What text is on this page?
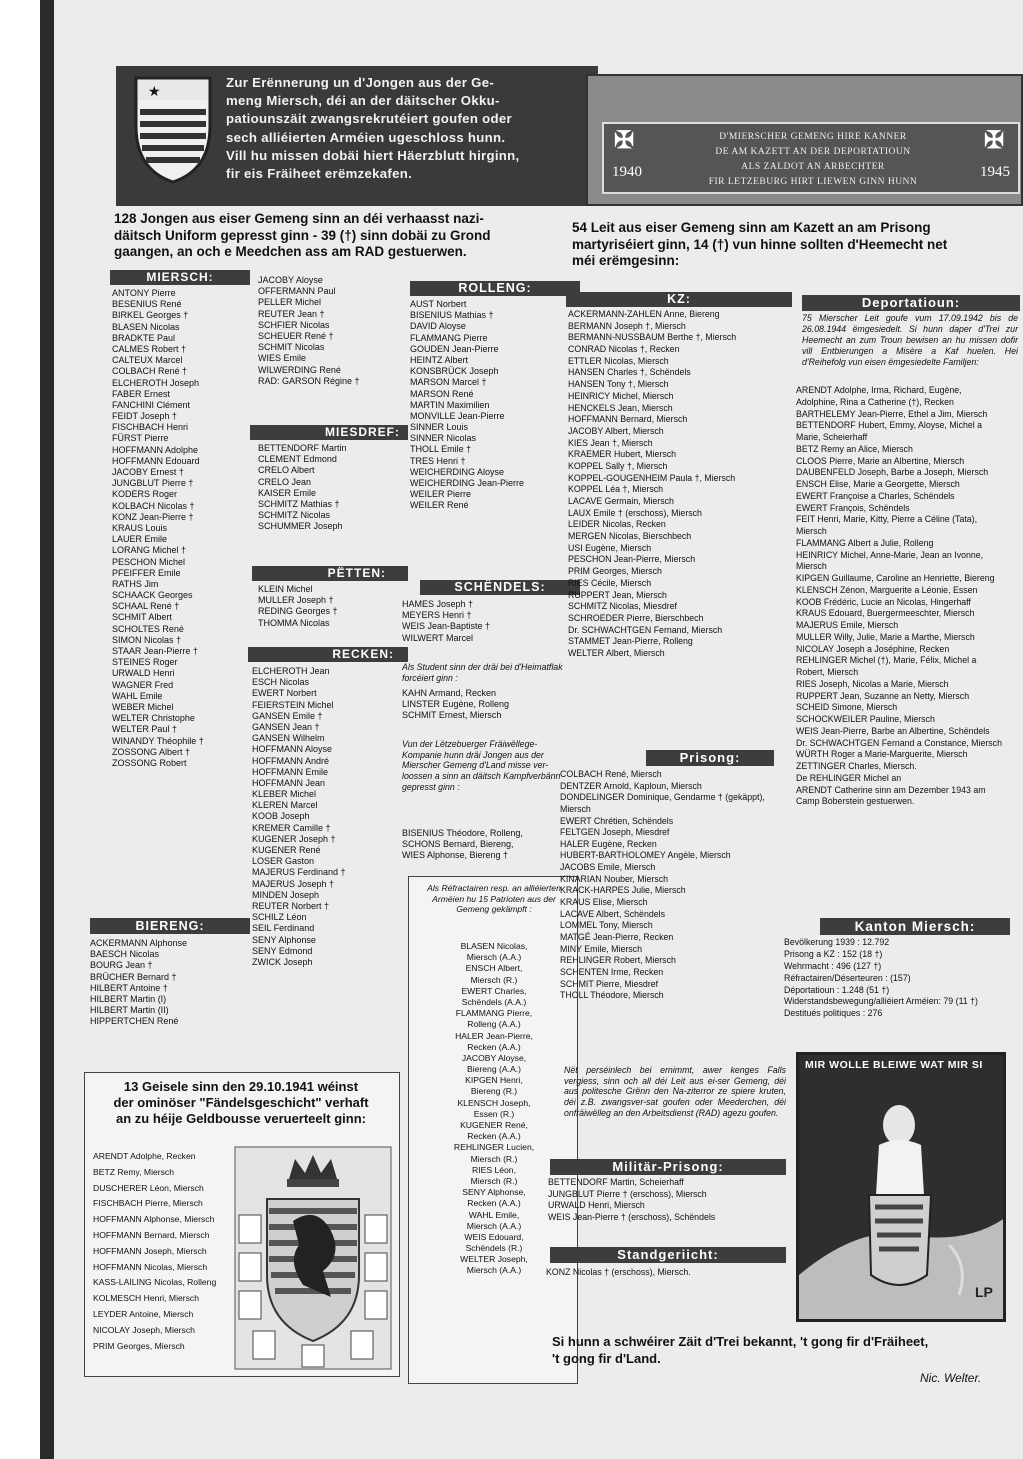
★
Zur Erënnerung un d'Jongen aus der Ge-
meng Miersch, déi an der däitscher Okku-
patiounszäit zwangsrekrutéiert goufen oder
sech alliéierten Arméien ugeschloss hunn.
Vill hu missen dobäi hiert Häerzblutt hirginn,
fir eis Fräiheet erëmzekafen.
✠	✠
1940	1945
D'MIERSCHER GEMENG HIRE KANNER
DE AM KAZETT AN DER DEPORTATIOUN
ALS ZALDOT AN ARBECHTER
FIR LETZEBURG HIRT LIEWEN GINN HUNN
128 Jongen aus eiser Gemeng sinn an déi verhaasst nazi-
däitsch Uniform gepresst ginn - 39 (†) sinn dobäi zu Grond
gaangen, an och e Meedchen ass am RAD gestuerwen.
54 Leit aus eiser Gemeng sinn am Kazett an am Prisong
martyriséiert ginn, 14 (†) vun hinne sollten d'Heemecht net
méi erëmgesinn:
MIERSCH:
ANTONY Pierre
BESENIUS René
BIRKEL Georges †
BLASEN Nicolas
BRADKTE Paul
CALMES Robert †
CALTEUX Marcel
COLBACH René †
ELCHEROTH Joseph
FABER Ernest
FANCHINI Clément
FEIDT Joseph †
FISCHBACH Henri
FÜRST Pierre
HOFFMANN Adolphe
HOFFMANN Edouard
JACOBY Ernest †
JUNGBLUT Pierre †
KODERS Roger
KOLBACH Nicolas †
KONZ Jean-Pierre †
KRAUS Louis
LAUER Emile
LORANG Michel †
PESCHON Michel
PFEIFFER Emile
RATHS Jim
SCHAACK Georges
SCHAAL René †
SCHMIT Albert
SCHOLTES René
SIMON Nicolas †
STAAR Jean-Pierre †
STEINES Roger
URWALD Henri
WAGNER Fred
WAHL Emile
WEBER Michel
WELTER Christophe
WELTER Paul †
WINANDY Théophile †
ZOSSONG Albert †
ZOSSONG Robert
JACOBY Aloyse
OFFERMANN Paul
PELLER Michel
REUTER Jean †
SCHFIER Nicolas
SCHEUER René †
SCHMIT Nicolas
WIES Emile
WILWERDING René
RAD: GARSON Régine †
MIESDREF:
BETTENDORF Martin
CLEMENT Edmond
CRELO Albert
CRELO Jean
KAISER Emile
SCHMITZ Mathias †
SCHMITZ Nicolas
SCHUMMER Joseph
PËTTEN:
KLEIN Michel
MULLER Joseph †
REDING Georges †
THOMMA Nicolas
RECKEN:
ELCHEROTH Jean
ESCH Nicolas
EWERT Norbert
FEIERSTEIN Michel
GANSEN Emile †
GANSEN Jean †
GANSEN Wilhelm
HOFFMANN Aloyse
HOFFMANN André
HOFFMANN Emile
HOFFMANN Jean
KLEBER Michel
KLEREN Marcel
KOOB Joseph
KREMER Camille †
KUGENER Joseph †
KUGENER René
LOSER Gaston
MAJERUS Ferdinand †
MAJERUS Joseph †
MINDEN Joseph
REUTER Norbert †
SCHILZ Léon
SEIL Ferdinand
SENY Alphonse
SENY Edmond
ZWICK Joseph
BIERENG:
ACKERMANN Alphonse
BAESCH Nicolas
BOURG Jean †
BRÜCHER Bernard †
HILBERT Antoine †
HILBERT Martin (I)
HILBERT Martin (II)
HIPPERTCHEN René
ROLLENG:
AUST Norbert
BISENIUS Mathias †
DAVID Aloyse
FLAMMANG Pierre
GOUDEN Jean-Pierre
HEINTZ Albert
KONSBRÜCK Joseph
MARSON Marcel †
MARSON René
MARTIN Maximilien
MONVILLE Jean-Pierre
SINNER Louis
SINNER Nicolas
THOLL Emile †
TRES Henri †
WEICHERDING Aloyse
WEICHERDING Jean-Pierre
WEILER Pierre
WEILER René
SCHËNDELS:
HAMES Joseph †
MEYERS Henri †
WEIS Jean-Baptiste †
WILWERT Marcel
Als Student sinn der dräi bei d'Heimatflak forcéiert ginn :
KAHN Armand, Recken
LINSTER Eugène, Rolleng
SCHMIT Ernest, Miersch
Vun der Lëtzebuerger Fräiwëllege-Kompanie hunn dräi Jongen aus der Mierscher Gemeng d'Land misse ver-loossen a sinn an däitsch Kampfverbänn gepresst ginn :
BISENIUS Théodore, Rolleng,
SCHONS Bernard, Biereng,
WIES Alphonse, Biereng †
Als Réfractairen resp. an alliéierten Arméien hu 15 Patrioten aus der Gemeng gekämpft :
BLASEN Nicolas,
Miersch (A.A.)
ENSCH Albert,
Miersch (R.)
EWERT Charles,
Schëndels (A.A.)
FLAMMANG Pierre,
Rolleng (A.A.)
HALER Jean-Pierre,
Recken (A.A.)
JACOBY Aloyse,
Biereng (A.A.)
KIPGEN Henri,
Biereng (R.)
KLENSCH Joseph,
Essen (R.)
KUGENER René,
Recken (A.A.)
REHLINGER Lucien,
Miersch (R.)
RIES Léon,
Miersch (R.)
SENY Alphonse,
Recken (A.A.)
WAHL Emile,
Miersch (A.A.)
WEIS Edouard,
Schëndels (R.)
WELTER Joseph,
Miersch (A.A.)
13 Geisele sinn den 29.10.1941 wéinst
der ominöser "Fändelsgeschicht" verhaft
an zu héije Geldbousse veruerteelt ginn:
ARENDT Adolphe, Recken
BETZ Remy, Miersch
DUSCHERER Léon, Miersch
FISCHBACH Pierre, Miersch
HOFFMANN Alphonse, Miersch
HOFFMANN Bernard, Miersch
HOFFMANN Joseph, Miersch
HOFFMANN Nicolas, Miersch
KASS-LAILING Nicolas, Rolleng
KOLMESCH Henri, Miersch
LEYDER Antoine, Miersch
NICOLAY Joseph, Miersch
PRIM Georges, Miersch
KZ:
ACKERMANN-ZAHLEN Anne, Biereng
BERMANN Joseph †, Miersch
BERMANN-NUSSBAUM Berthe †, Miersch
CONRAD Nicolas †, Recken
ETTLER Nicolas, Miersch
HANSEN Charles †, Schëndels
HANSEN Tony †, Miersch
HEINRICY Michel, Miersch
HENCKELS Jean, Miersch
HOFFMANN Bernard, Miersch
JACOBY Albert, Miersch
KIES Jean †, Miersch
KRAEMER Hubert, Miersch
KOPPEL Sally †, Miersch
KOPPEL-GOUGENHEIM Paula †, Miersch
KOPPEL Léa †, Miersch
LACAVE Germain, Miersch
LAUX Emile † (erschoss), Miersch
LEIDER Nicolas, Recken
MERGEN Nicolas, Bierschbech
USI Eugène, Miersch
PESCHON Jean-Pierre, Miersch
PRIM Georges, Miersch
RIES Cécile, Miersch
RUPPERT Jean, Miersch
SCHMITZ Nicolas, Miesdref
SCHROEDER Pierre, Bierschbech
Dr. SCHWACHTGEN Fernand, Miersch
STAMMET Jean-Pierre, Rolleng
WELTER Albert, Miersch
Prisong:
COLBACH René, Miersch
DENTZER Arnold, Kaploun, Miersch
DONDELINGER Dominique, Gendarme † (gekäppt),
Miersch
EWERT Chrétien, Schëndels
FELTGEN Joseph, Miesdref
HALER Eugène, Recken
HUBERT-BARTHOLOMEY Angèle, Miersch
JACOBS Emile, Miersch
KINARIAN Nouber, Miersch
KRACK-HARPES Julie, Miersch
KRAUS Elise, Miersch
LACAVE Albert, Schëndels
LOMMEL Tony, Miersch
MATGÉ Jean-Pierre, Recken
MINY Emile, Miersch
REHLINGER Robert, Miersch
SCHENTEN Irme, Recken
SCHMIT Pierre, Miesdref
THOLL Théodore, Miersch
Nët perséinlech bei ernimmt, awer kenges Falls vergiess, sinn och all déi Leit aus ei-ser Gemeng, déi aus politesche Grënn den Na-ziterror ze spiere kruten, déi z.B. zwangsver-sat goufen oder Meederchen, déi onfräiwëlleg an den Arbeitsdienst (RAD) agezu goufen.
Militär-Prisong:
BETTENDORF Martin, Scheierhaff
JUNGBLUT Pierre † (erschoss), Miersch
URWALD Henri, Miersch
WEIS Jean-Pierre † (erschoss), Schëndels
Standgeriicht:
KONZ Nicolas † (erschoss), Miersch.
Deportatioun:
75 Mierscher Leit goufe vum 17.09.1942 bis de 26.08.1944 ëmgesiedelt. Si hunn daper d'Trei zur Heemecht an zum Troun bewisen an hu missen dofir vill Entbierungen a Misère a Kaf huelen. Hei d'Reihefolg vun eisen ëmgesiedelte Familjen:
ARENDT Adolphe, Irma, Richard, Eugène,
Adolphine, Rina a Catherine (†), Recken
BARTHELEMY Jean-Pierre, Ethel a Jim, Miersch
BETTENDORF Hubert, Emmy, Aloyse, Michel a
Marie, Scheierhaff
BETZ Remy an Alice, Miersch
CLOOS Pierre, Marie an Albertine, Miersch
DAUBENFELD Joseph, Barbe a Joseph, Miersch
ENSCH Elise, Marie a Georgette, Miersch
EWERT Françoise a Charles, Schëndels
EWERT François, Schëndels
FEIT Henri, Marie, Kitty, Pierre a Céline (Tata),
Miersch
FLAMMANG Albert a Julie, Rolleng
HEINRICY Michel, Anne-Marie, Jean an Ivonne,
Miersch
KIPGEN Guillaume, Caroline an Henriette, Biereng
KLENSCH Zénon, Marguerite a Léonie, Essen
KOOB Frédéric, Lucie an Nicolas, Hingerhaff
KRAUS Edouard, Buergermeeschter, Miersch
MAJERUS Emile, Miersch
MULLER Willy, Julie, Marie a Marthe, Miersch
NICOLAY Joseph a Joséphine, Recken
REHLINGER Michel (†), Marie, Félix, Michel a
Robert, Miersch
RIES Joseph, Nicolas a Marie, Miersch
RUPPERT Jean, Suzanne an Netty, Miersch
SCHEID Simone, Miersch
SCHOCKWEILER Pauline, Miersch
WEIS Jean-Pierre, Barbe an Albertine, Schëndels
Dr. SCHWACHTGEN Fernand a Constance, Miersch
WÜRTH Roger a Marie-Marguerite, Miersch
ZETTINGER Charles, Miersch.
De REHLINGER Michel an
ARENDT Catherine sinn am Dezember 1943 am
Camp Boberstein gestuerwen.
Kanton Miersch:
Bevölkerung 1939 : 12.792
Prisong a KZ : 152 (18 †)
Wehrmacht : 496 (127 †)
Réfractairen/Déserteuren : (157)
Déportatioun : 1.248 (51 †)
Widerstandsbewegung/alliéiert Arméien: 79 (11 †)
Destitués politiques : 276
MIR WOLLE BLEIWE WAT MIR SI
LP
Si hunn a schwéirer Zäit d'Trei bekannt, 't gong fir d'Fräiheet,
't gong fir d'Land.
Nic. Welter.
